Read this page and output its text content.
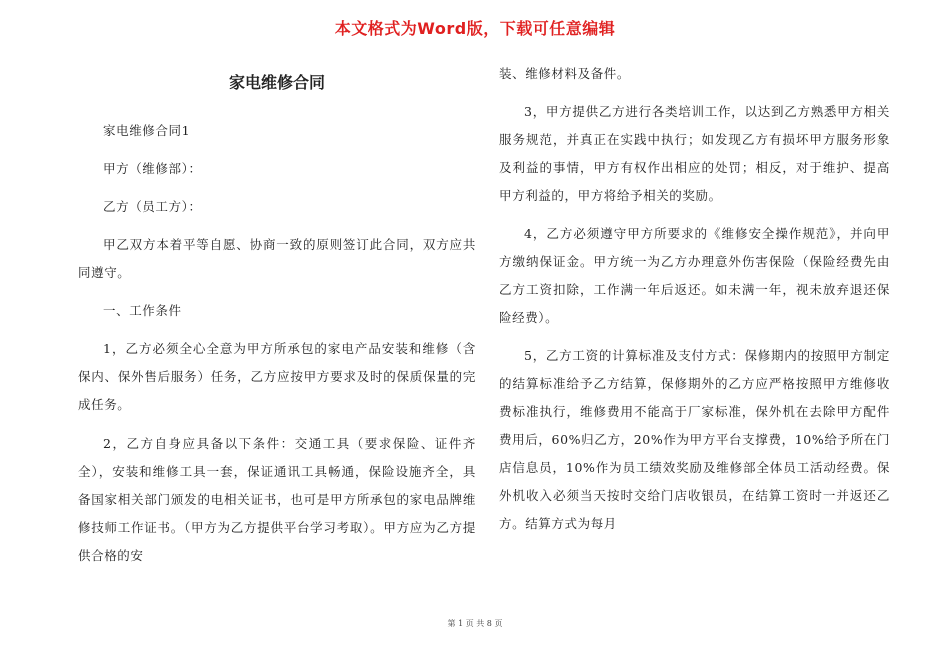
本文格式为Word版，下载可任意编辑
家电维修合同

家电维修合同1

甲方（维修部）：

乙方（员工方）：

甲乙双方本着平等自愿、协商一致的原则签订此合同，双方应共同遵守。

一、工作条件

1，乙方必须全心全意为甲方所承包的家电产品安装和维修（含保内、保外售后服务）任务，乙方应按甲方要求及时的保质保量的完成任务。

2，乙方自身应具备以下条件：交通工具（要求保险、证件齐全），安装和维修工具一套，保证通讯工具畅通，保险设施齐全，具备国家相关部门颁发的电相关证书，也可是甲方所承包的家电品牌维修技师工作证书。（甲方为乙方提供平台学习考取）。甲方应为乙方提供合格的安

装、维修材料及备件。

3，甲方提供乙方进行各类培训工作，以达到乙方熟悉甲方相关服务规范，并真正在实践中执行；如发现乙方有损坏甲方服务形象及利益的事情，甲方有权作出相应的处罚；相反，对于维护、提高甲方利益的，甲方将给予相关的奖励。

4，乙方必须遵守甲方所要求的《维修安全操作规范》，并向甲方缴纳保证金。甲方统一为乙方办理意外伤害保险（保险经费先由乙方工资扣除，工作满一年后返还。如未满一年，视未放弃退还保险经费）。

5，乙方工资的计算标准及支付方式：保修期内的按照甲方制定的结算标准给予乙方结算，保修期外的乙方应严格按照甲方维修收费标准执行，维修费用不能高于厂家标准，保外机在去除甲方配件费用后，60%归乙方，20%作为甲方平台支撑费，10%给予所在门店信息员，10%作为员工绩效奖励及维修部全体员工活动经费。保外机收入必须当天按时交给门店收银员，在结算工资时一并返还乙方。结算方式为每月

第 1 页 共 8 页
